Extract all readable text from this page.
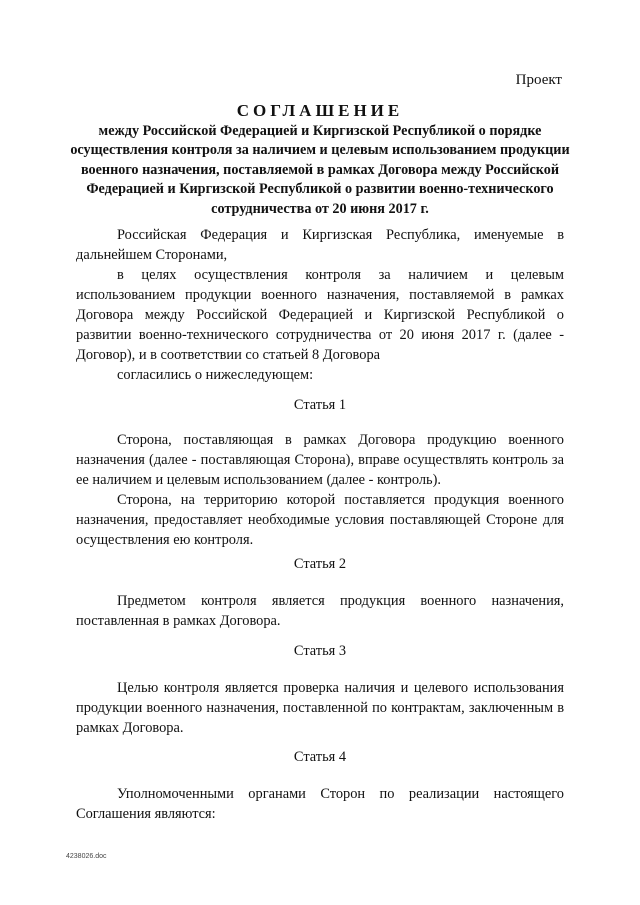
Проект
СОГЛАШЕНИЕ
между Российской Федерацией и Киргизской Республикой о порядке осуществления контроля за наличием и целевым использованием продукции военного назначения, поставляемой в рамках Договора между Российской Федерацией и Киргизской Республикой о развитии военно-технического сотрудничества от 20 июня 2017 г.

Российская Федерация и Киргизская Республика, именуемые в дальнейшем Сторонами,

в целях осуществления контроля за наличием и целевым использованием продукции военного назначения, поставляемой в рамках Договора между Российской Федерацией и Киргизской Республикой о развитии военно-технического сотрудничества от 20 июня 2017 г. (далее - Договор), и в соответствии со статьей 8 Договора

согласились о нижеследующем:

Статья 1

Сторона, поставляющая в рамках Договора продукцию военного назначения (далее - поставляющая Сторона), вправе осуществлять контроль за ее наличием и целевым использованием (далее - контроль).

Сторона, на территорию которой поставляется продукция военного назначения, предоставляет необходимые условия поставляющей Стороне для осуществления ею контроля.

Статья 2

Предметом контроля является продукция военного назначения, поставленная в рамках Договора.

Статья 3

Целью контроля является проверка наличия и целевого использования продукции военного назначения, поставленной по контрактам, заключенным в рамках Договора.

Статья 4

Уполномоченными органами Сторон по реализации настоящего Соглашения являются:

4238026.doc
